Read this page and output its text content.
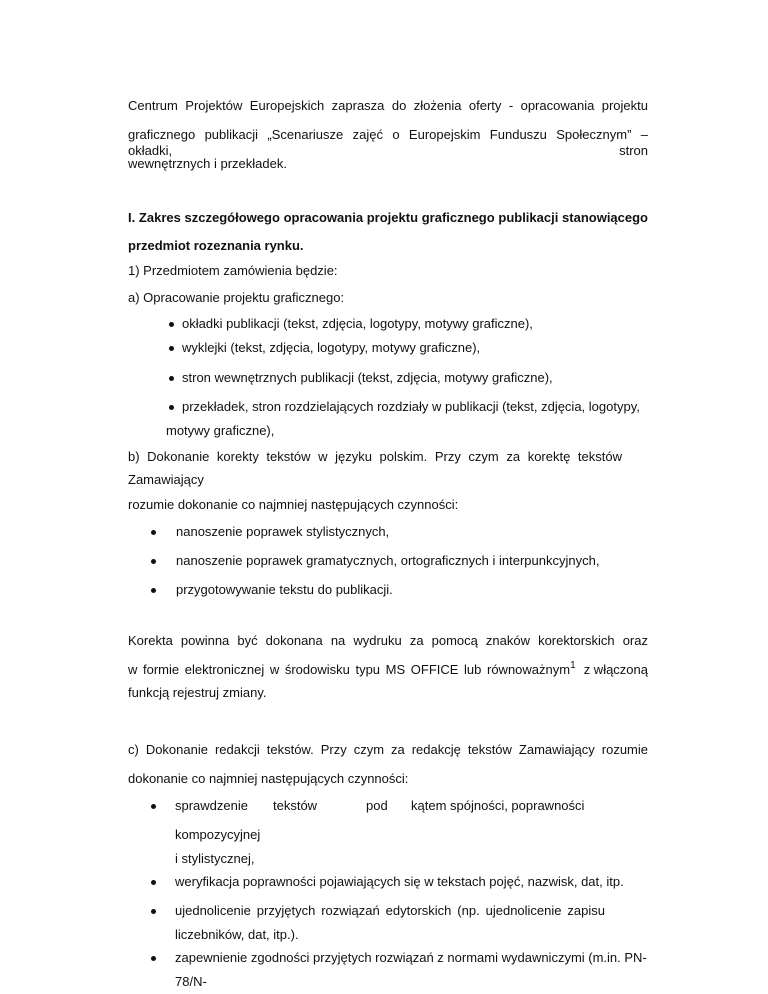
Centrum Projektów Europejskich zaprasza do złożenia oferty - opracowania projektu
graficznego publikacji „Scenariusze zajęć o Europejskim Funduszu Społecznym” – okładki, stron
wewnętrznych i przekładek.
I. Zakres szczegółowego opracowania projektu graficznego publikacji stanowiącego
przedmiot rozeznania rynku.
1) Przedmiotem zamówienia będzie:
a) Opracowanie projektu graficznego:
okładki publikacji (tekst, zdjęcia, logotypy, motywy graficzne),
wyklejki (tekst, zdjęcia, logotypy, motywy graficzne),
stron wewnętrznych publikacji (tekst, zdjęcia, motywy graficzne),
przekładek, stron rozdzielających rozdziały w publikacji (tekst, zdjęcia, logotypy,
motywy graficzne),
b) Dokonanie korekty tekstów w języku polskim. Przy czym za korektę tekstów
Zamawiający
rozumie dokonanie co najmniej następujących czynności:
nanoszenie poprawek stylistycznych,
nanoszenie poprawek gramatycznych, ortograficznych i interpunkcyjnych,
przygotowywanie tekstu do publikacji.
Korekta powinna być dokonana na wydruku za pomocą znaków korektorskich oraz
w formie elektronicznej w środowisku typu MS OFFICE lub równoważnym$^1$ z włączoną
funkcją rejestruj zmiany.
c) Dokonanie redakcji tekstów. Przy czym za redakcję tekstów Zamawiający rozumie
dokonanie co najmniej następujących czynności:
sprawdzenie tekstów	pod kątem spójności, poprawności
kompozycyjnej
i stylistycznej,
weryfikacja poprawności pojawiających się w tekstach pojęć, nazwisk, dat, itp.
ujednolicenie przyjętych rozwiązań edytorskich (np. ujednolicenie zapisu
liczebników, dat, itp.).
zapewnienie zgodności przyjętych rozwiązań z normami wydawniczymi (m.in. PN-
78/N-
